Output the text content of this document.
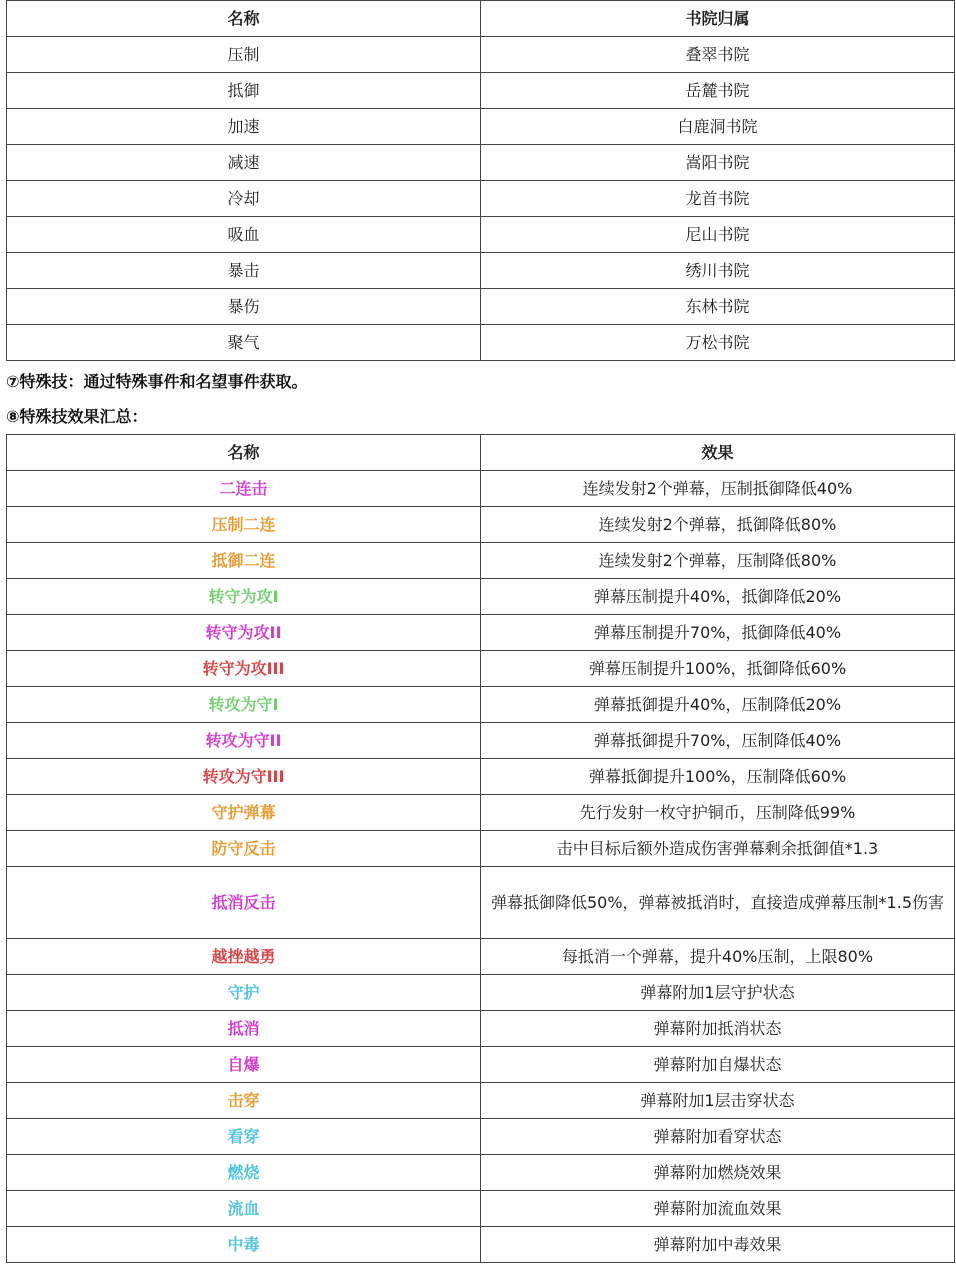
名称	书院归属
压制	叠翠书院
抵御	岳麓书院
加速	白鹿洞书院
减速	嵩阳书院
冷却	龙首书院
吸血	尼山书院
暴击	绣川书院
暴伤	东林书院
聚气	万松书院
⑦特殊技：通过特殊事件和名望事件获取。
⑧特殊技效果汇总：
名称	效果
二连击	连续发射2个弹幕，压制抵御降低40%
压制二连	连续发射2个弹幕，抵御降低80%
抵御二连	连续发射2个弹幕，压制降低80%
转守为攻I	弹幕压制提升40%，抵御降低20%
转守为攻II	弹幕压制提升70%，抵御降低40%
转守为攻III	弹幕压制提升100%，抵御降低60%
转攻为守I	弹幕抵御提升40%，压制降低20%
转攻为守II	弹幕抵御提升70%，压制降低40%
转攻为守III	弹幕抵御提升100%，压制降低60%
守护弹幕	先行发射一枚守护铜币，压制降低99%
防守反击	击中目标后额外造成伤害弹幕剩余抵御值*1.3
抵消反击	弹幕抵御降低50%，弹幕被抵消时，直接造成弹幕压制*1.5伤害
越挫越勇	每抵消一个弹幕，提升40%压制，上限80%
守护	弹幕附加1层守护状态
抵消	弹幕附加抵消状态
自爆	弹幕附加自爆状态
击穿	弹幕附加1层击穿状态
看穿	弹幕附加看穿状态
燃烧	弹幕附加燃烧效果
流血	弹幕附加流血效果
中毒	弹幕附加中毒效果
